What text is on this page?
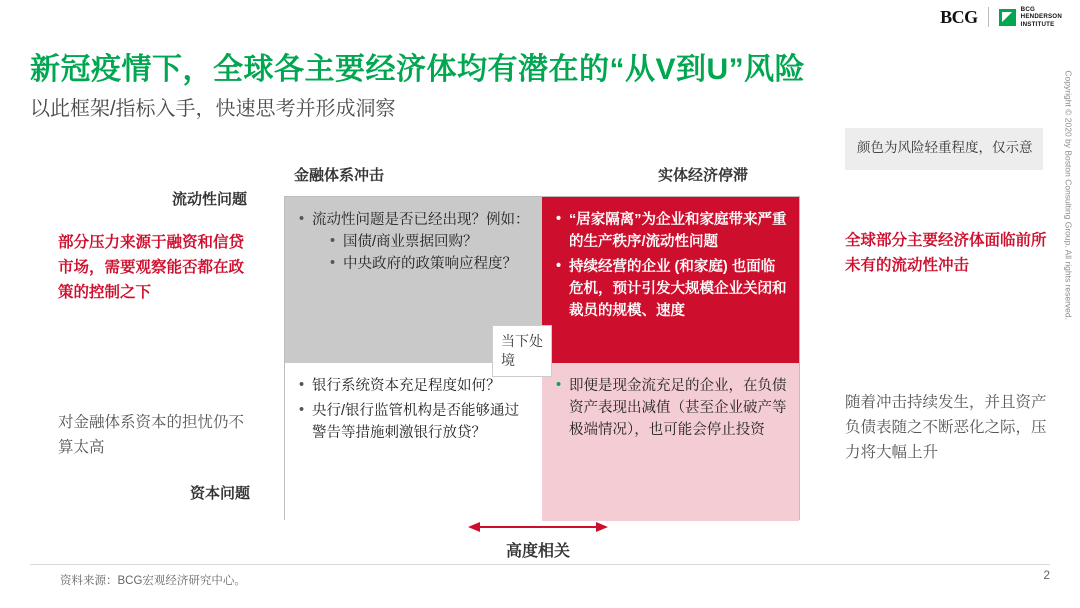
BCG	BCG
HENDERSON
INSTITUTE
新冠疫情下，全球各主要经济体均有潜在的“从V到U”风险
以此框架/指标入手，快速思考并形成洞察
颜色为风险轻重程度，仅示意
金融体系冲击	实体经济停滞
流动性问题
资本问题
• 流动性问题是否已经出现？例如：
• 国债/商业票据回购？
• 中央政府的政策响应程度？
• “居家隔离”为企业和家庭带来严重的生产秩序/流动性问题
• 持续经营的企业 (和家庭) 也面临危机，预计引发大规模企业关闭和裁员的规模、速度
• 银行系统资本充足程度如何？
• 央行/银行监管机构是否能够通过警告等措施刺激银行放贷？
• 即便是现金流充足的企业，在负债资产表现出减值（甚至企业破产等极端情况），也可能会停止投资
当下处境
部分压力来源于融资和信贷市场，需要观察能否都在政策的控制之下
对金融体系资本的担忧仍不算太高
全球部分主要经济体面临前所未有的流动性冲击
随着冲击持续发生，并且资产负债表随之不断恶化之际，压力将大幅上升
高度相关
资料来源：BCG宏观经济研究中心。	2
Copyright © 2020 by Boston Consulting Group. All rights reserved.
